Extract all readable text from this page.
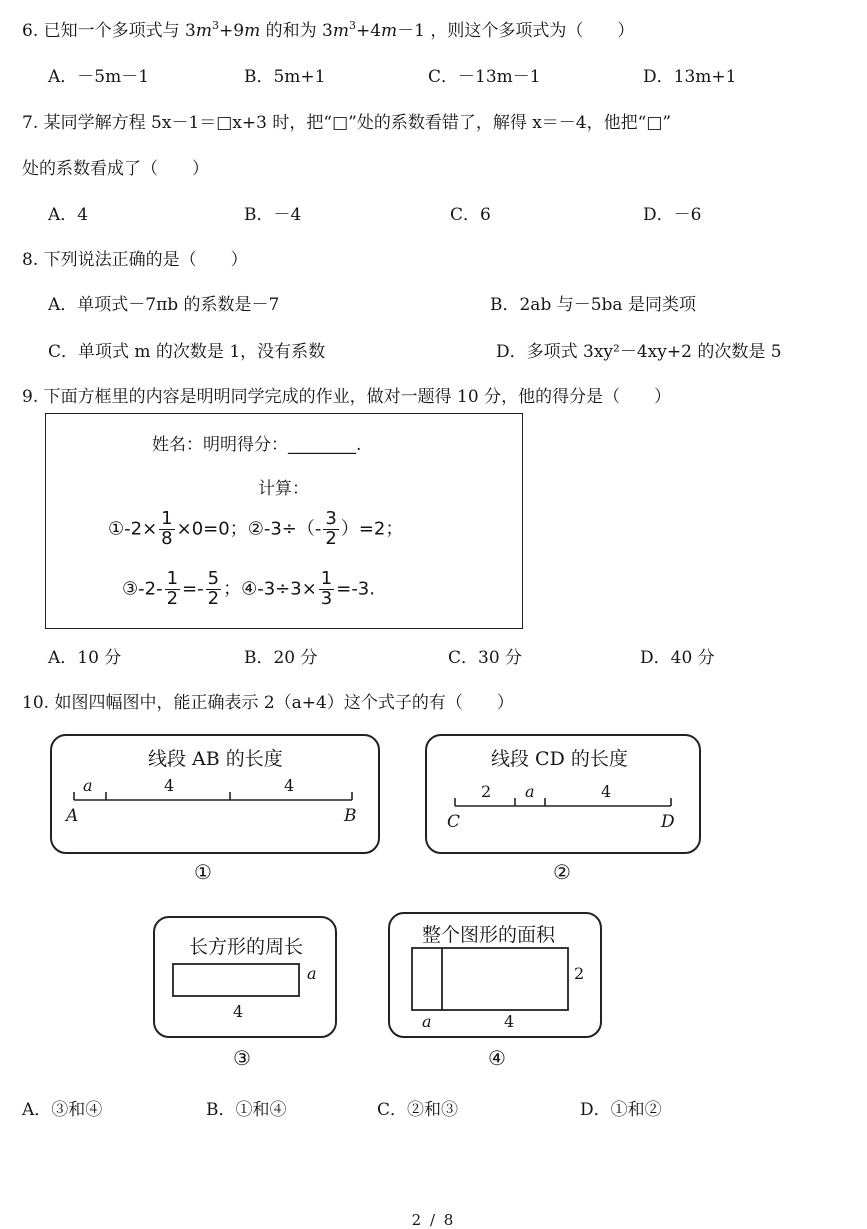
6. 已知一个多项式与 $3m^3+9m$ 的和为 $3m^3+4m-1$ ，则这个多项式为（　　）
A．－5m－1	B．5m+1	C．－13m－1	D．13m+1
7. 某同学解方程 5x－1＝□x+3 时，把“□”处的系数看错了，解得 x＝－4，他把“□”
处的系数看成了（　　）
A．4	B．－4	C．6	D．－6
8. 下列说法正确的是（　　）
A．单项式－7πb 的系数是－7	B．2ab 与－5ba 是同类项
C．单项式 m 的次数是 1，没有系数	D．多项式 3xy²－4xy+2 的次数是 5
9. 下面方框里的内容是明明同学完成的作业，做对一题得 10 分，他的得分是（　　）
姓名：明明得分：________.
计算：
①-2× $\frac{1}{8} \times 0=0$；②-3÷（- $\frac{3}{2} )=2$；
③-2- $\frac{1}{2} =- \frac{5}{2}$ ；④-3÷3× $\frac{1}{3} =-3$.
A．10 分	B．20 分	C．30 分	D．40 分
10. 如图四幅图中，能正确表示 2（a+4）这个式子的有（　　）
线段 AB 的长度
a	4	4
A	B
①
线段 CD 的长度
2 a	4
C	D
②
长方形的周长
a
4
③
整个图形的面积
2
a	4
④
A．③和④	B．①和④	C．②和③	D．①和②
2 / 8
